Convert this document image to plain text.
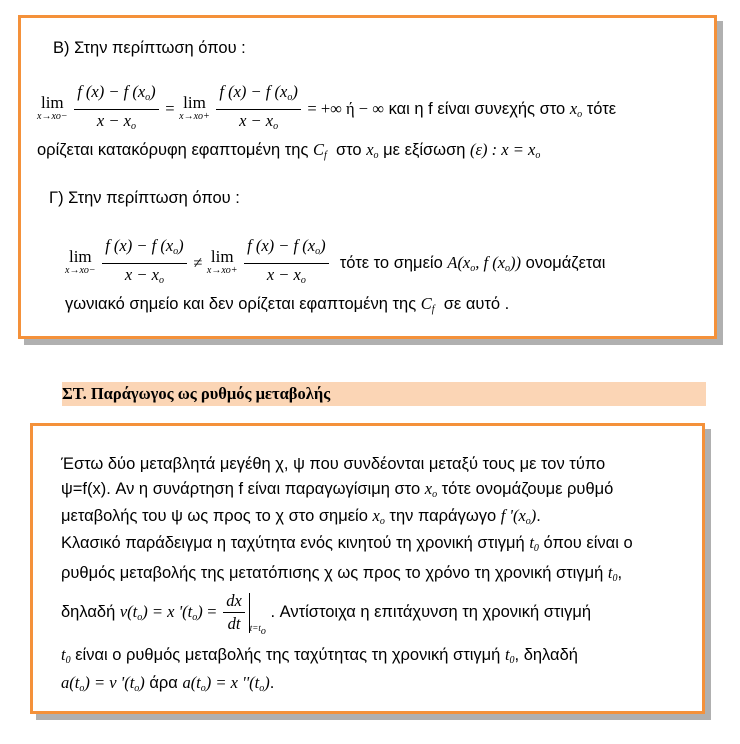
Β) Στην περίπτωση όπου :
lim
x→xo−
$\frac{f (x) - f (x_o)}{x - x_o} = \lim$
x→xo+
$\frac{f (x) - f (x_o)}{x - x_o}$ = +∞ ή − ∞ και η f είναι συνεχής στο $x_o$ τότε
ορίζεται κατακόρυφη εφαπτομένη της $C_f$ στο $x_o$ με εξίσωση (ε) : $x = x_o$
Γ) Στην περίπτωση όπου :
lim
x→xo−
$\frac{f (x) - f (x_o)}{x - x_o} \ne \lim$
x→xo+
$\frac{f (x) - f (x_o)}{x - x_o}$ τότε το σημείο $A(x_o$, f $(x_o)$) ονομάζεται
γωνιακό σημείο και δεν ορίζεται εφαπτομένη της $C_f$ σε αυτό .
ΣΤ. Παράγωγος ως ρυθμός μεταβολής
Έστω δύο μεταβλητά μεγέθη χ, ψ που συνδέονται μεταξύ τους με τον τύπο
ψ=f(x). Αν η συνάρτηση f είναι παραγωγίσιμη στο $x_o$ τότε ονομάζουμε ρυθμό
μεταβολής του ψ ως προς το χ στο σημείο $x_o$ την παράγωγο f '$(x_o)$.
Κλασικό παράδειγμα η ταχύτητα ενός κινητού τη χρονική στιγμή $t_0$ όπου είναι ο
ρυθμός μεταβολής της μετατόπισης χ ως προς το χρόνο τη χρονική στιγμή $t_0$,
δηλαδή $v(t_o) = x$ '$(t_o) = \frac{dx}{dt} _{t=t_o}$ . Αντίστοιχα η επιτάχυνση τη χρονική στιγμή
$t_0$ είναι ο ρυθμός μεταβολής της ταχύτητας τη χρονική στιγμή $t_0$, δηλαδή
$a(t_o) = v$ '$(t_o)$ άρα $a(t_o) = x$ ''$(t_o)$.
